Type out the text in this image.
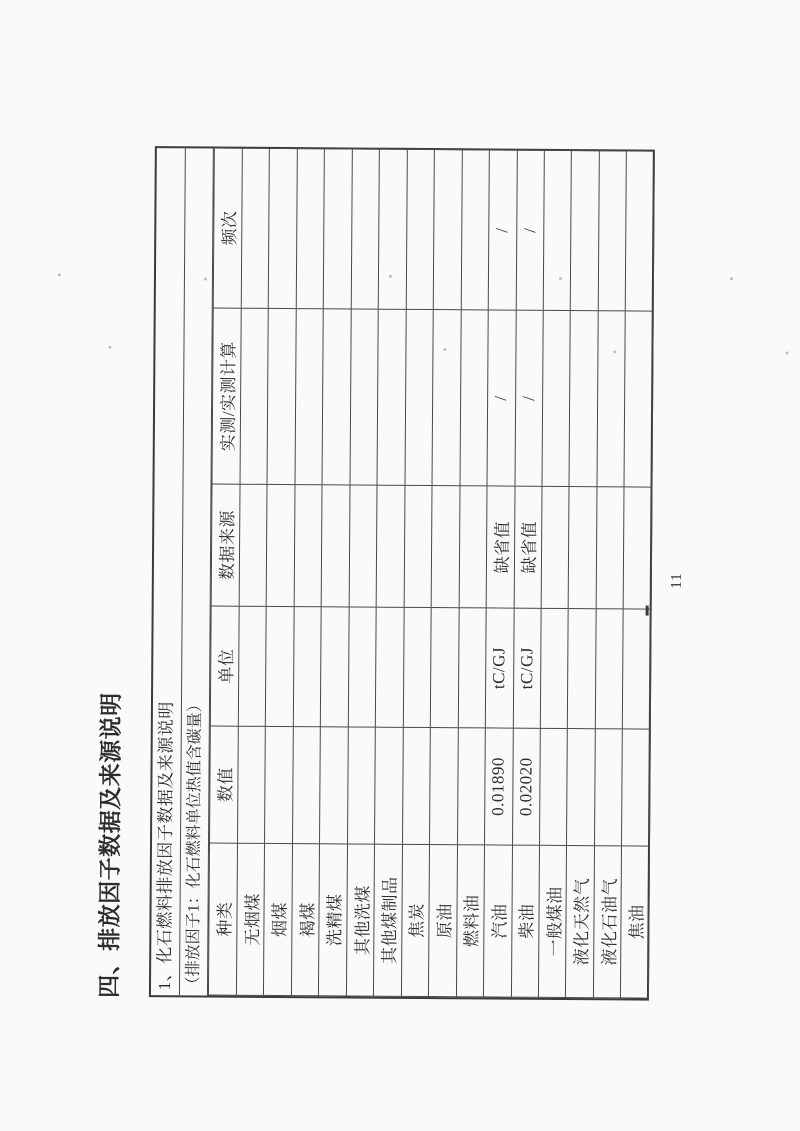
四、排放因子数据及来源说明 1、化石燃料排放因子数据及来源说明 （排放因子1：化石燃料单位热值含碳量） 种类	数值	单位	数据来源	实测/实测计算	频次
无烟煤					
烟煤					
褐煤					
洗精煤					
其他洗煤					
其他煤制品					
焦炭					
原油					
燃料油					
汽油	0.01890	tC/GJ	缺省值	/	/
柴油	0.02020	tC/GJ	缺省值	/	/
一般煤油					
液化天然气					
液化石油气					
焦油					
11
